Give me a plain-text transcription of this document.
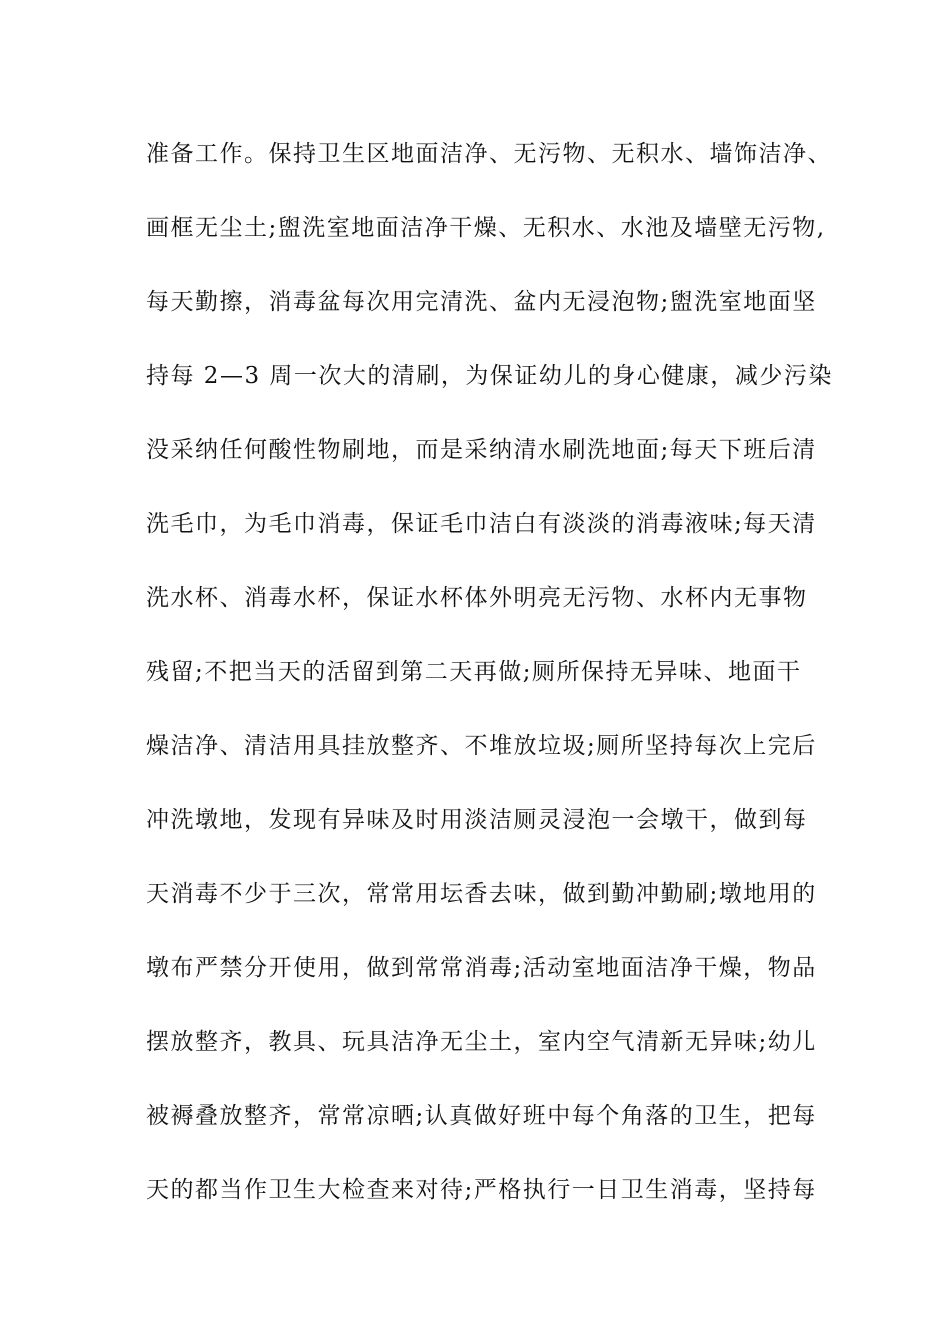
准备工作。保持卫生区地面洁净、无污物、无积水、墙饰洁净、
画框无尘土;盥洗室地面洁净干燥、无积水、水池及墙壁无污物,
每天勤擦，消毒盆每次用完清洗、盆内无浸泡物;盥洗室地面坚
持每 2—3 周一次大的清刷，为保证幼儿的身心健康，减少污染
没采纳任何酸性物刷地，而是采纳清水刷洗地面;每天下班后清
洗毛巾，为毛巾消毒，保证毛巾洁白有淡淡的消毒液味;每天清
洗水杯、消毒水杯，保证水杯体外明亮无污物、水杯内无事物
残留;不把当天的活留到第二天再做;厕所保持无异味、地面干
燥洁净、清洁用具挂放整齐、不堆放垃圾;厕所坚持每次上完后
冲洗墩地，发现有异味及时用淡洁厕灵浸泡一会墩干，做到每
天消毒不少于三次，常常用坛香去味，做到勤冲勤刷;墩地用的
墩布严禁分开使用，做到常常消毒;活动室地面洁净干燥，物品
摆放整齐，教具、玩具洁净无尘土，室内空气清新无异味;幼儿
被褥叠放整齐，常常凉晒;认真做好班中每个角落的卫生，把每
天的都当作卫生大检查来对待;严格执行一日卫生消毒，坚持每
